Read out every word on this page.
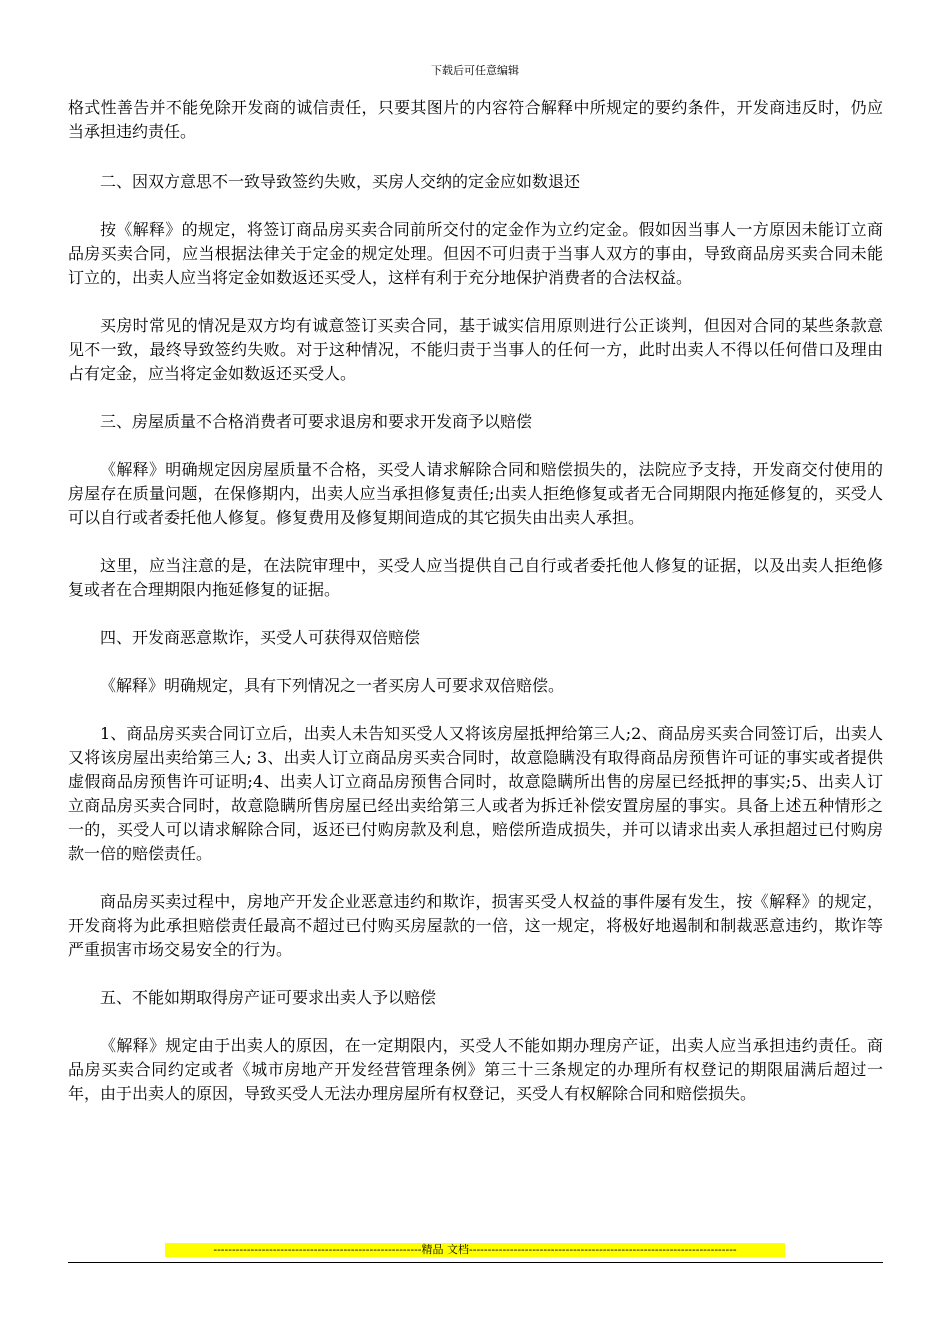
下载后可任意编辑

格式性善告并不能免除开发商的诚信责任，只要其图片的内容符合解释中所规定的要约条件，开发商违反时，仍应当承担违约责任。

二、因双方意思不一致导致签约失败，买房人交纳的定金应如数退还

按《解释》的规定，将签订商品房买卖合同前所交付的定金作为立约定金。假如因当事人一方原因未能订立商品房买卖合同，应当根据法律关于定金的规定处理。但因不可归责于当事人双方的事由，导致商品房买卖合同未能订立的，出卖人应当将定金如数返还买受人，这样有利于充分地保护消费者的合法权益。

买房时常见的情况是双方均有诚意签订买卖合同，基于诚实信用原则进行公正谈判，但因对合同的某些条款意见不一致，最终导致签约失败。对于这种情况，不能归责于当事人的任何一方，此时出卖人不得以任何借口及理由占有定金，应当将定金如数返还买受人。

三、房屋质量不合格消费者可要求退房和要求开发商予以赔偿

《解释》明确规定因房屋质量不合格，买受人请求解除合同和赔偿损失的，法院应予支持，开发商交付使用的房屋存在质量问题，在保修期内，出卖人应当承担修复责任;出卖人拒绝修复或者无合同期限内拖延修复的，买受人可以自行或者委托他人修复。修复费用及修复期间造成的其它损失由出卖人承担。

这里，应当注意的是，在法院审理中，买受人应当提供自己自行或者委托他人修复的证据，以及出卖人拒绝修复或者在合理期限内拖延修复的证据。

四、开发商恶意欺诈，买受人可获得双倍赔偿

《解释》明确规定，具有下列情况之一者买房人可要求双倍赔偿。

1、商品房买卖合同订立后，出卖人未告知买受人又将该房屋抵押给第三人;2、商品房买卖合同签订后，出卖人又将该房屋出卖给第三人; 3、出卖人订立商品房买卖合同时，故意隐瞒没有取得商品房预售许可证的事实或者提供虚假商品房预售许可证明;4、出卖人订立商品房预售合同时，故意隐瞒所出售的房屋已经抵押的事实;5、出卖人订立商品房买卖合同时，故意隐瞒所售房屋已经出卖给第三人或者为拆迁补偿安置房屋的事实。具备上述五种情形之一的，买受人可以请求解除合同，返还已付购房款及利息，赔偿所造成损失，并可以请求出卖人承担超过已付购房款一倍的赔偿责任。

商品房买卖过程中，房地产开发企业恶意违约和欺诈，损害买受人权益的事件屡有发生，按《解释》的规定，开发商将为此承担赔偿责任最高不超过已付购买房屋款的一倍，这一规定，将极好地遏制和制裁恶意违约，欺诈等严重损害市场交易安全的行为。

五、不能如期取得房产证可要求出卖人予以赔偿

《解释》规定由于出卖人的原因，在一定期限内，买受人不能如期办理房产证，出卖人应当承担违约责任。商品房买卖合同约定或者《城市房地产开发经营管理条例》第三十三条规定的办理所有权登记的期限届满后超过一年，由于出卖人的原因，导致买受人无法办理房屋所有权登记，买受人有权解除合同和赔偿损失。

--------------------------------------------------------精品 文档------------------------------------------------------------------------
